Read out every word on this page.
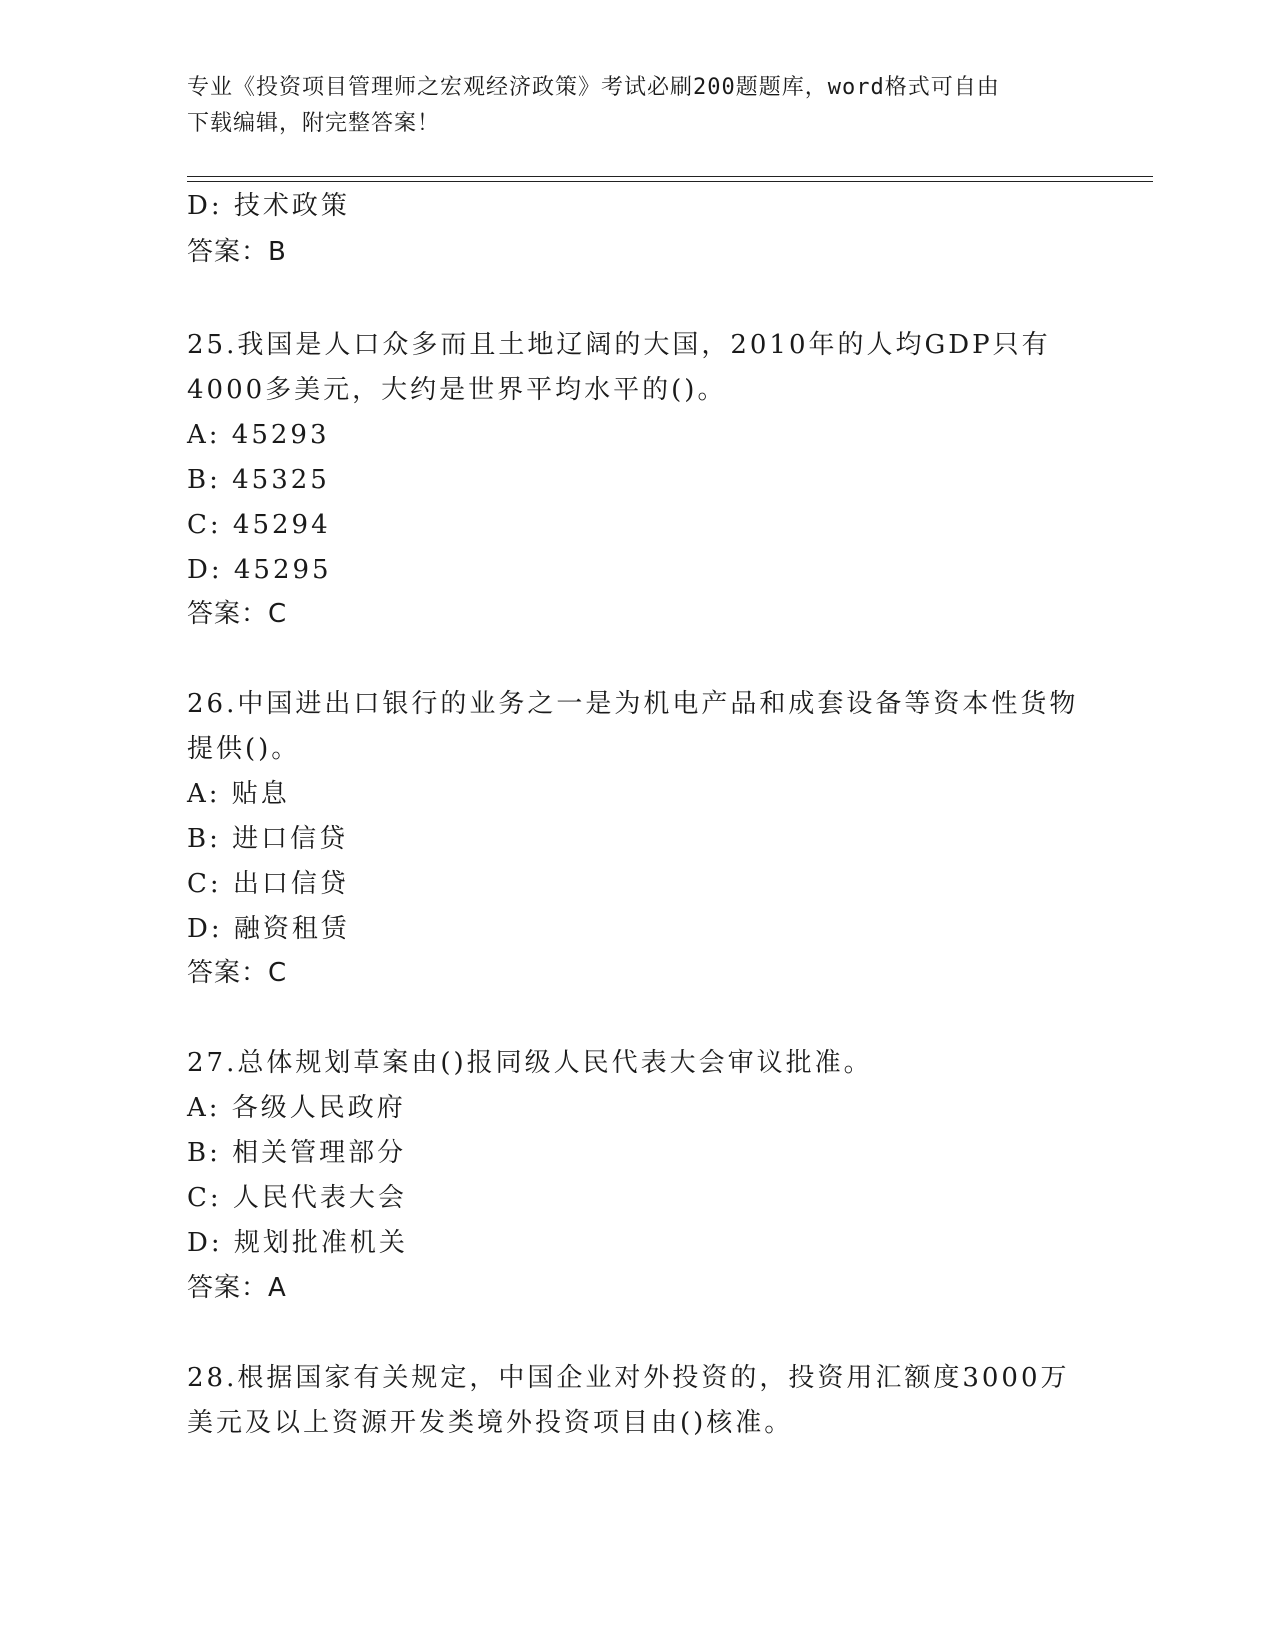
专业《投资项目管理师之宏观经济政策》考试必刷200题题库，word格式可自由
下载编辑，附完整答案！
D: 技术政策
答案：B
25.我国是人口众多而且土地辽阔的大国，2010年的人均GDP只有
4000多美元，大约是世界平均水平的()。
A: 45293
B: 45325
C: 45294
D: 45295
答案：C
26.中国进出口银行的业务之一是为机电产品和成套设备等资本性货物
提供()。
A: 贴息
B: 进口信贷
C: 出口信贷
D: 融资租赁
答案：C
27.总体规划草案由()报同级人民代表大会审议批准。
A: 各级人民政府
B: 相关管理部分
C: 人民代表大会
D: 规划批准机关
答案：A
28.根据国家有关规定，中国企业对外投资的，投资用汇额度3000万
美元及以上资源开发类境外投资项目由()核准。
